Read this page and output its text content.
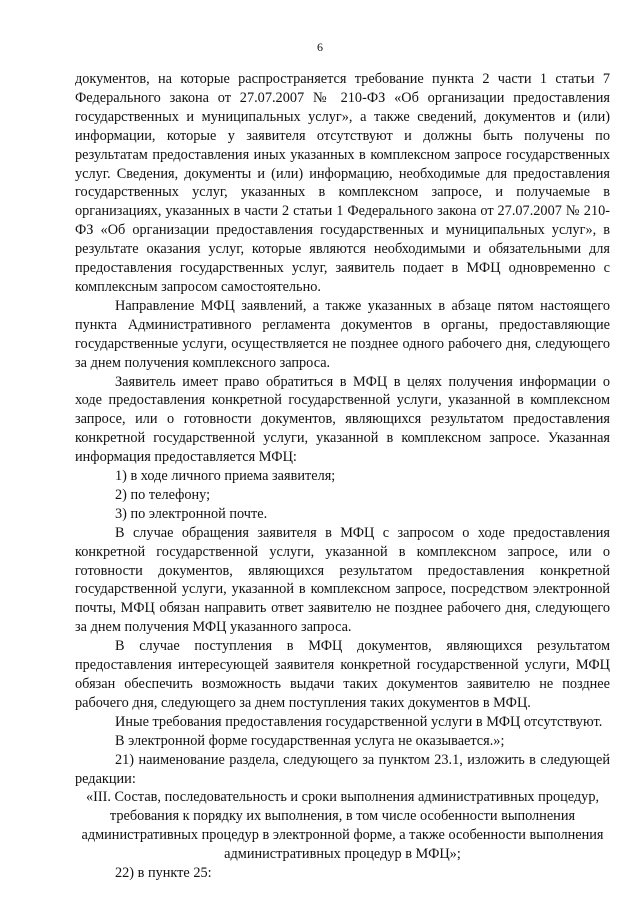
6

документов, на которые распространяется требование пункта 2 части 1 статьи 7 Федерального закона от 27.07.2007 № 210-ФЗ «Об организации предоставления государственных и муниципальных услуг», а также сведений, документов и (или) информации, которые у заявителя отсутствуют и должны быть получены по результатам предоставления иных указанных в комплексном запросе государственных услуг. Сведения, документы и (или) информацию, необходимые для предоставления государственных услуг, указанных в комплексном запросе, и получаемые в организациях, указанных в части 2 статьи 1 Федерального закона от 27.07.2007 № 210-ФЗ «Об организации предоставления государственных и муниципальных услуг», в результате оказания услуг, которые являются необходимыми и обязательными для предоставления государственных услуг, заявитель подает в МФЦ одновременно с комплексным запросом самостоятельно.

Направление МФЦ заявлений, а также указанных в абзаце пятом настоящего пункта Административного регламента документов в органы, предоставляющие государственные услуги, осуществляется не позднее одного рабочего дня, следующего за днем получения комплексного запроса.

Заявитель имеет право обратиться в МФЦ в целях получения информации о ходе предоставления конкретной государственной услуги, указанной в комплексном запросе, или о готовности документов, являющихся результатом предоставления конкретной государственной услуги, указанной в комплексном запросе. Указанная информация предоставляется МФЦ:

1) в ходе личного приема заявителя;

2) по телефону;

3) по электронной почте.

В случае обращения заявителя в МФЦ с запросом о ходе предоставления конкретной государственной услуги, указанной в комплексном запросе, или о готовности документов, являющихся результатом предоставления конкретной государственной услуги, указанной в комплексном запросе, посредством электронной почты, МФЦ обязан направить ответ заявителю не позднее рабочего дня, следующего за днем получения МФЦ указанного запроса.

В случае поступления в МФЦ документов, являющихся результатом предоставления интересующей заявителя конкретной государственной услуги, МФЦ обязан обеспечить возможность выдачи таких документов заявителю не позднее рабочего дня, следующего за днем поступления таких документов в МФЦ.

Иные требования предоставления государственной услуги в МФЦ отсутствуют.

В электронной форме государственная услуга не оказывается.»;

21) наименование раздела, следующего за пунктом 23.1, изложить в следующей редакции:

«III. Состав, последовательность и сроки выполнения административных процедур, требования к порядку их выполнения, в том числе особенности выполнения административных процедур в электронной форме, а также особенности выполнения административных процедур в МФЦ»;

22) в пункте 25:
